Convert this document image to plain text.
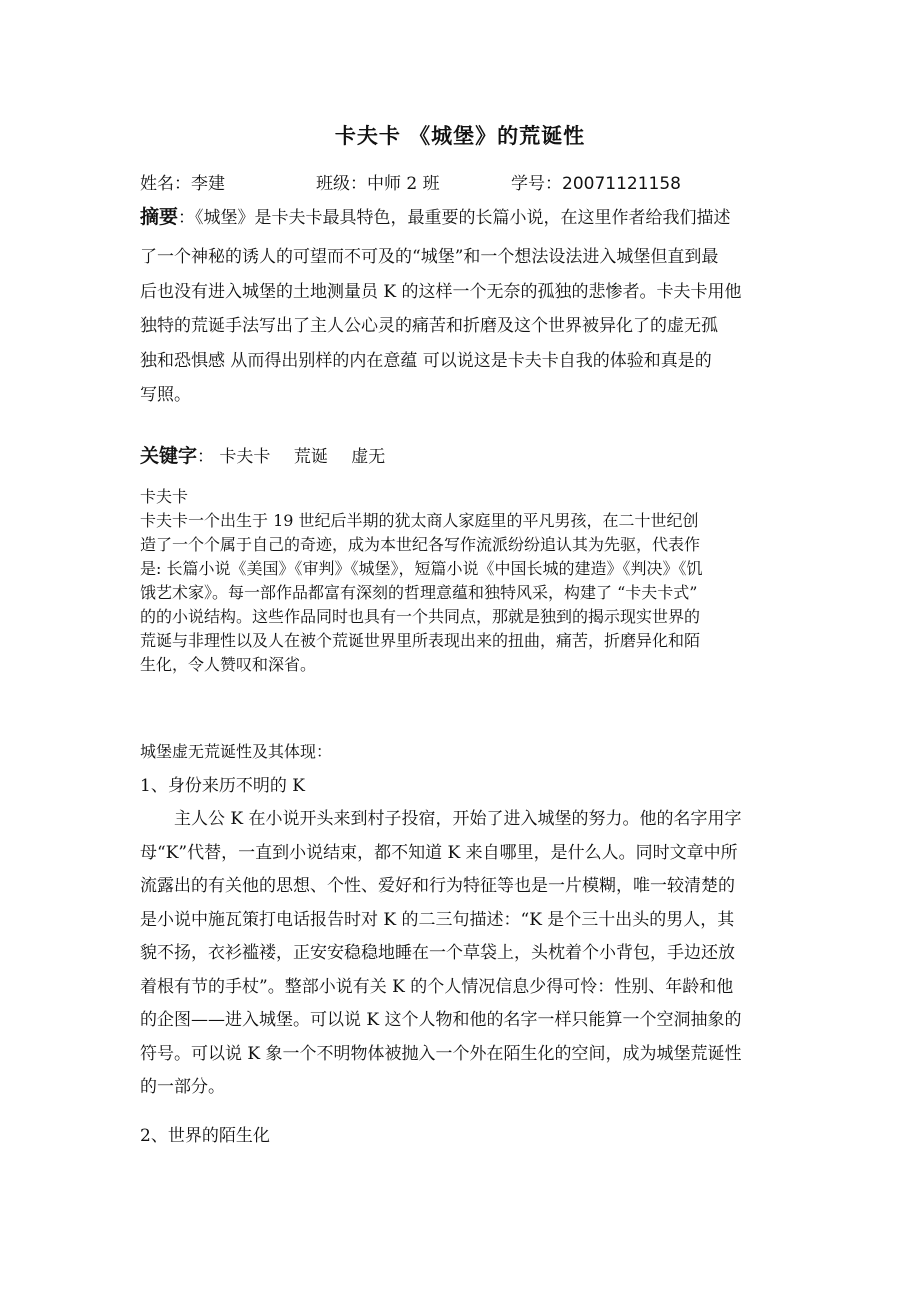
卡夫卡 《城堡》的荒诞性
姓名：李建	班级：中师 2 班	学号：20071121158
摘要：《城堡》是卡夫卡最具特色，最重要的长篇小说，在这里作者给我们描述
了一个神秘的诱人的可望而不可及的“城堡”和一个想法设法进入城堡但直到最
后也没有进入城堡的土地测量员 K 的这样一个无奈的孤独的悲惨者。卡夫卡用他
独特的荒诞手法写出了主人公心灵的痛苦和折磨及这个世界被异化了的虚无孤
独和恐惧感 从而得出别样的内在意蕴 可以说这是卡夫卡自我的体验和真是的
写照。
关键字： 卡夫卡 荒诞 虚无
卡夫卡
卡夫卡一个出生于 19 世纪后半期的犹太商人家庭里的平凡男孩，在二十世纪创
造了一个个属于自己的奇迹，成为本世纪各写作流派纷纷追认其为先驱，代表作
是: 长篇小说《美国》《审判》《城堡》，短篇小说《中国长城的建造》《判决》《饥
饿艺术家》。每一部作品都富有深刻的哲理意蕴和独特风采，构建了 “卡夫卡式”
的的小说结构。这些作品同时也具有一个共同点，那就是独到的揭示现实世界的
荒诞与非理性以及人在被个荒诞世界里所表现出来的扭曲，痛苦，折磨异化和陌
生化，令人赞叹和深省。
城堡虚无荒诞性及其体现：
1、身份来历不明的 K
主人公 K 在小说开头来到村子投宿，开始了进入城堡的努力。他的名字用字
母“K”代替，一直到小说结束，都不知道 K 来自哪里，是什么人。同时文章中所
流露出的有关他的思想、个性、爱好和行为特征等也是一片模糊，唯一较清楚的
是小说中施瓦策打电话报告时对 K 的二三句描述：“K 是个三十出头的男人，其
貌不扬，衣衫褴褛，正安安稳稳地睡在一个草袋上，头枕着个小背包，手边还放
着根有节的手杖”。整部小说有关 K 的个人情况信息少得可怜：性别、年龄和他
的企图——进入城堡。可以说 K 这个人物和他的名字一样只能算一个空洞抽象的
符号。可以说 K 象一个不明物体被抛入一个外在陌生化的空间，成为城堡荒诞性
的一部分。
2、世界的陌生化
